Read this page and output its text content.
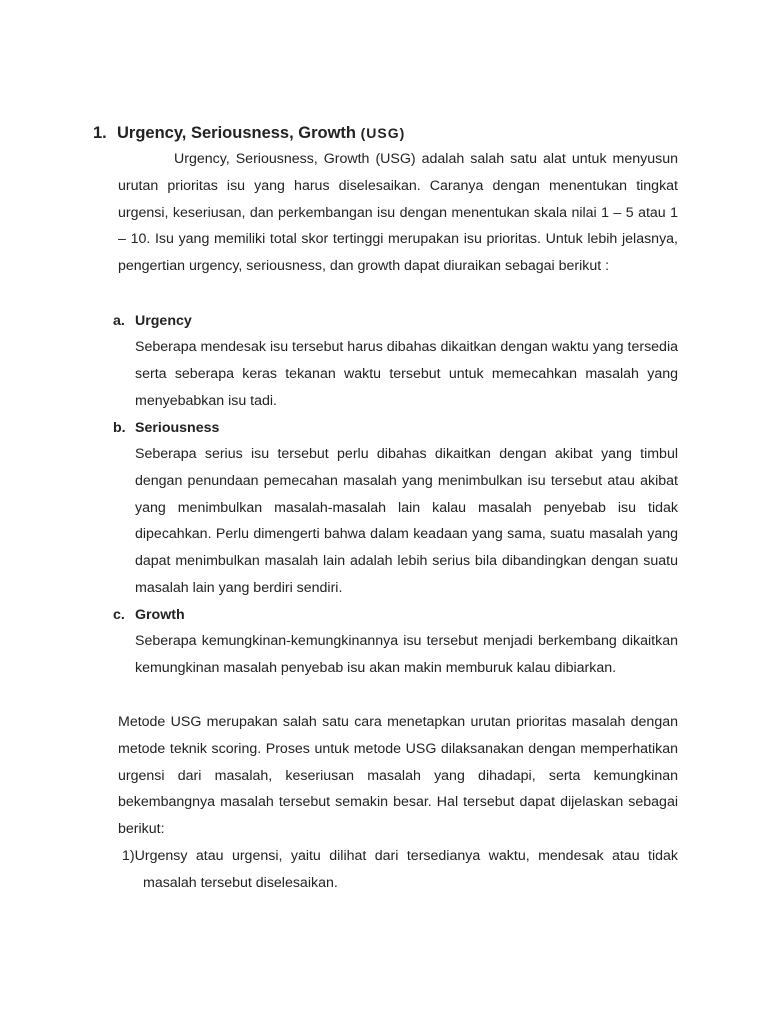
1. Urgency, Seriousness, Growth (USG)

Urgency, Seriousness, Growth (USG) adalah salah satu alat untuk menyusun urutan prioritas isu yang harus diselesaikan. Caranya dengan menentukan tingkat urgensi, keseriusan, dan perkembangan isu dengan menentukan skala nilai 1 – 5 atau 1 – 10. Isu yang memiliki total skor tertinggi merupakan isu prioritas. Untuk lebih jelasnya, pengertian urgency, seriousness, dan growth dapat diuraikan sebagai berikut :

a. Urgency

Seberapa mendesak isu tersebut harus dibahas dikaitkan dengan waktu yang tersedia serta seberapa keras tekanan waktu tersebut untuk memecahkan masalah yang menyebabkan isu tadi.

b. Seriousness

Seberapa serius isu tersebut perlu dibahas dikaitkan dengan akibat yang timbul dengan penundaan pemecahan masalah yang menimbulkan isu tersebut atau akibat yang menimbulkan masalah-masalah lain kalau masalah penyebab isu tidak dipecahkan. Perlu dimengerti bahwa dalam keadaan yang sama, suatu masalah yang dapat menimbulkan masalah lain adalah lebih serius bila dibandingkan dengan suatu masalah lain yang berdiri sendiri.

c. Growth

Seberapa kemungkinan-kemungkinannya isu tersebut menjadi berkembang dikaitkan kemungkinan masalah penyebab isu akan makin memburuk kalau dibiarkan.

Metode USG merupakan salah satu cara menetapkan urutan prioritas masalah dengan metode teknik scoring. Proses untuk metode USG dilaksanakan dengan memperhatikan urgensi dari masalah, keseriusan masalah yang dihadapi, serta kemungkinan bekembangnya masalah tersebut semakin besar. Hal tersebut dapat dijelaskan sebagai berikut:

1)Urgensy atau urgensi, yaitu dilihat dari tersedianya waktu, mendesak atau tidak masalah tersebut diselesaikan.
